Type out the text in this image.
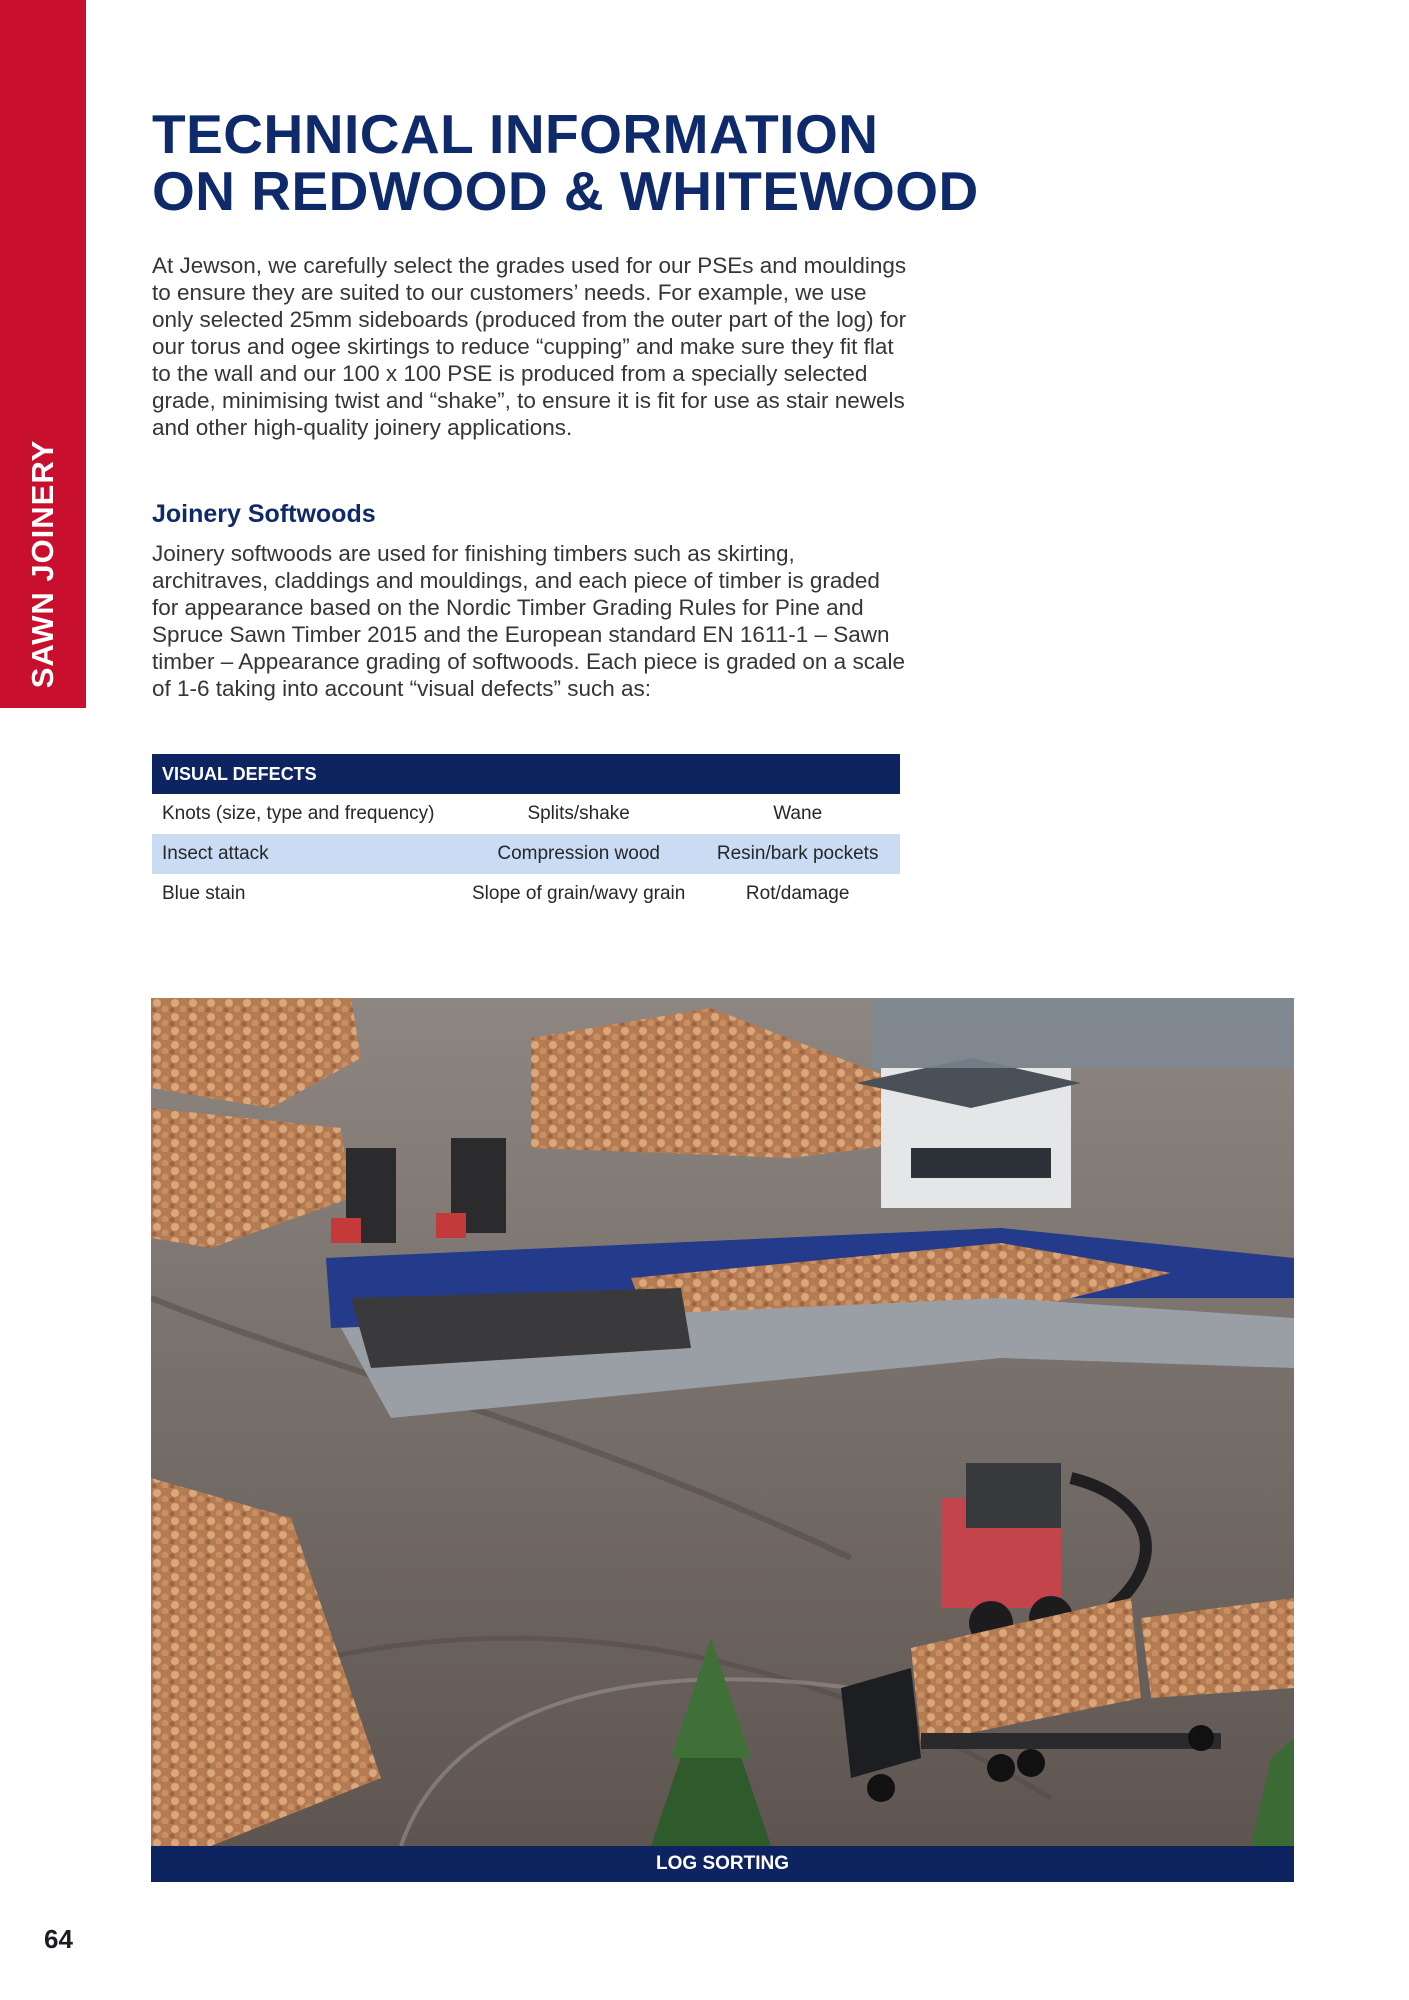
SAWN JOINERY
TECHNICAL INFORMATION
ON REDWOOD & WHITEWOOD

At Jewson, we carefully select the grades used for our PSEs and mouldings to ensure they are suited to our customers’ needs. For example, we use only selected 25mm sideboards (produced from the outer part of the log) for our torus and ogee skirtings to reduce “cupping” and make sure they fit flat to the wall and our 100 x 100 PSE is produced from a specially selected grade, minimising twist and “shake”, to ensure it is fit for use as stair newels and other high-quality joinery applications.

Joinery Softwoods

Joinery softwoods are used for finishing timbers such as skirting, architraves, claddings and mouldings, and each piece of timber is graded for appearance based on the Nordic Timber Grading Rules for Pine and Spruce Sawn Timber 2015 and the European standard EN 1611-1 – Sawn timber – Appearance grading of softwoods. Each piece is graded on a scale of 1-6 taking into account “visual defects” such as:

VISUAL DEFECTS		
Knots (size, type and frequency)	Splits/shake	Wane
Insect attack	Compression wood	Resin/bark pockets
Blue stain	Slope of grain/wavy grain	Rot/damage
LOG SORTING
64
